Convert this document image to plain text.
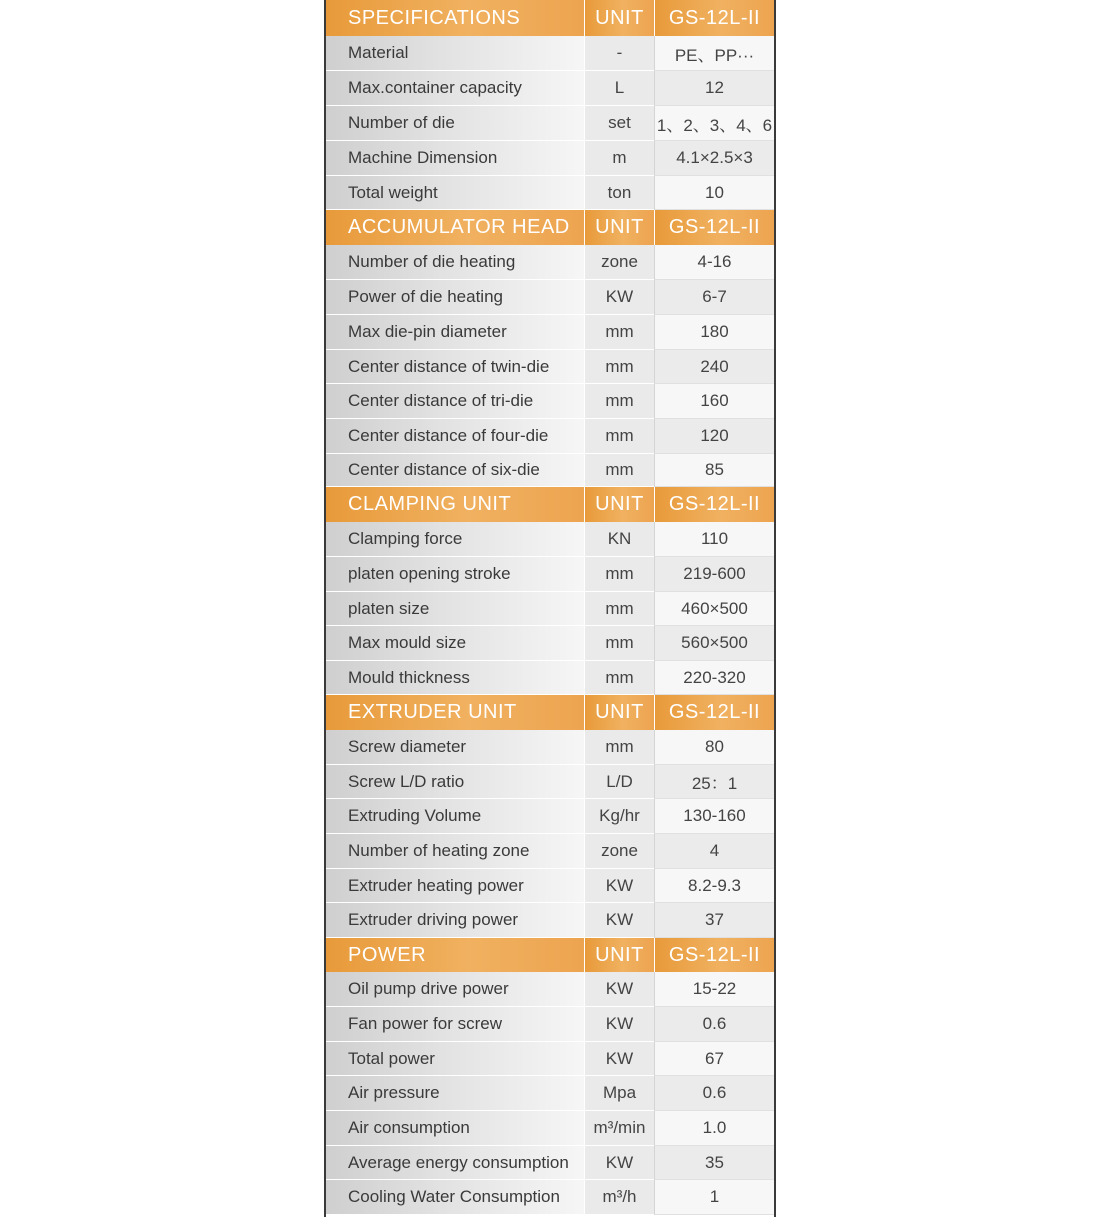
SPECIFICATIONS	UNIT	GS-12L-II
Material	-	PE、PP···
Max.container capacity	L	12
Number of die	set	1、2、3、4、6
Machine Dimension	m	4.1×2.5×3
Total weight	ton	10
ACCUMULATOR HEAD	UNIT	GS-12L-II
Number of die heating	zone	4-16
Power of die heating	KW	6-7
Max die-pin diameter	mm	180
Center distance of twin-die	mm	240
Center distance of tri-die	mm	160
Center distance of four-die	mm	120
Center distance of six-die	mm	85
CLAMPING UNIT	UNIT	GS-12L-II
Clamping force	KN	110
platen opening stroke	mm	219-600
platen size	mm	460×500
Max mould size	mm	560×500
Mould thickness	mm	220-320
EXTRUDER UNIT	UNIT	GS-12L-II
Screw diameter	mm	80
Screw L/D ratio	L/D	25：1
Extruding Volume	Kg/hr	130-160
Number of heating zone	zone	4
Extruder heating power	KW	8.2-9.3
Extruder driving power	KW	37
POWER	UNIT	GS-12L-II
Oil pump drive power	KW	15-22
Fan power for screw	KW	0.6
Total power	KW	67
Air pressure	Mpa	0.6
Air consumption	m³/min	1.0
Average energy consumption	KW	35
Cooling Water Consumption	m³/h	1
